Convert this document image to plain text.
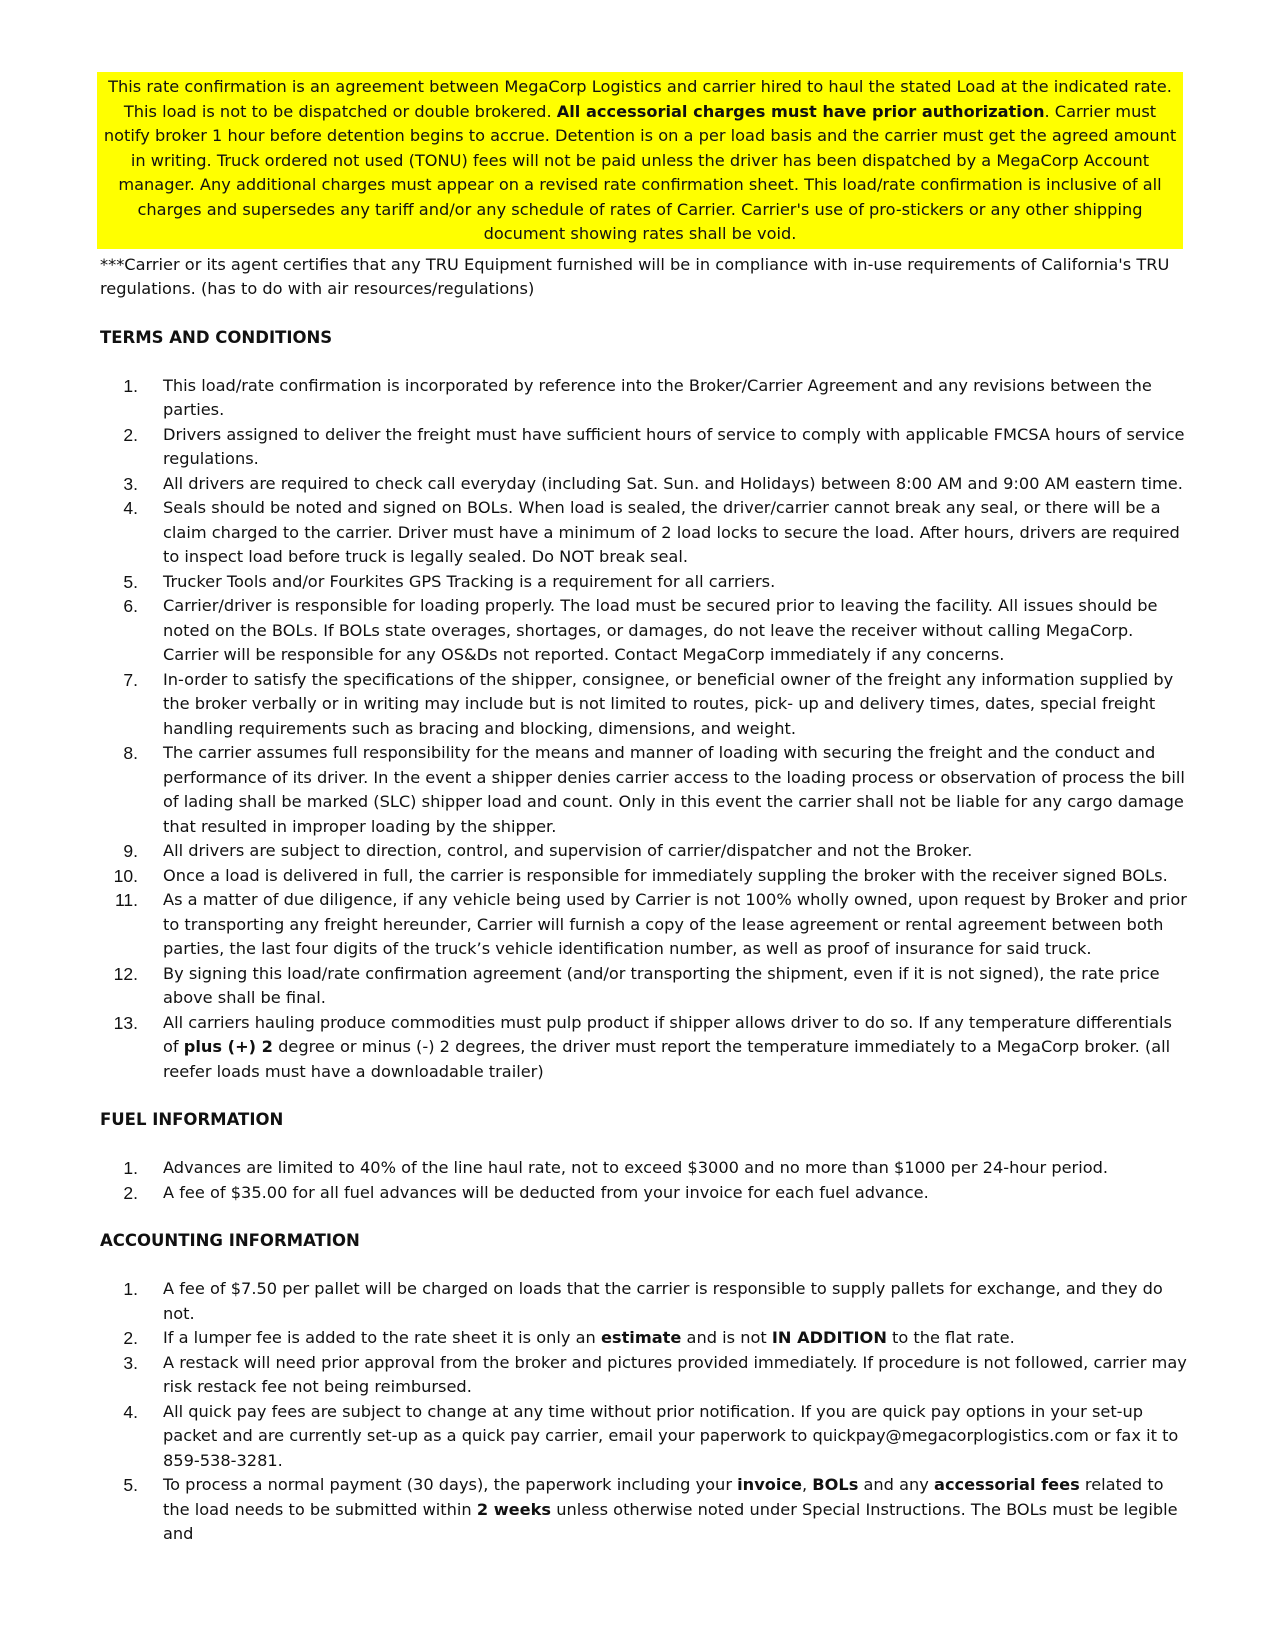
This rate confirmation is an agreement between MegaCorp Logistics and carrier hired to haul the stated Load at the indicated rate. This load is not to be dispatched or double brokered. All accessorial charges must have prior authorization. Carrier must notify broker 1 hour before detention begins to accrue. Detention is on a per load basis and the carrier must get the agreed amount in writing. Truck ordered not used (TONU) fees will not be paid unless the driver has been dispatched by a MegaCorp Account manager. Any additional charges must appear on a revised rate confirmation sheet. This load/rate confirmation is inclusive of all charges and supersedes any tariff and/or any schedule of rates of Carrier. Carrier's use of pro-stickers or any other shipping document showing rates shall be void.
***Carrier or its agent certifies that any TRU Equipment furnished will be in compliance with in-use requirements of California's TRU regulations. (has to do with air resources/regulations)
TERMS AND CONDITIONS
1. This load/rate confirmation is incorporated by reference into the Broker/Carrier Agreement and any revisions between the parties.
2. Drivers assigned to deliver the freight must have sufficient hours of service to comply with applicable FMCSA hours of service regulations.
3. All drivers are required to check call everyday (including Sat. Sun. and Holidays) between 8:00 AM and 9:00 AM eastern time.
4. Seals should be noted and signed on BOLs. When load is sealed, the driver/carrier cannot break any seal, or there will be a claim charged to the carrier. Driver must have a minimum of 2 load locks to secure the load. After hours, drivers are required to inspect load before truck is legally sealed. Do NOT break seal.
5. Trucker Tools and/or Fourkites GPS Tracking is a requirement for all carriers.
6. Carrier/driver is responsible for loading properly. The load must be secured prior to leaving the facility. All issues should be noted on the BOLs. If BOLs state overages, shortages, or damages, do not leave the receiver without calling MegaCorp. Carrier will be responsible for any OS&Ds not reported. Contact MegaCorp immediately if any concerns.
7. In-order to satisfy the specifications of the shipper, consignee, or beneficial owner of the freight any information supplied by the broker verbally or in writing may include but is not limited to routes, pick- up and delivery times, dates, special freight handling requirements such as bracing and blocking, dimensions, and weight.
8. The carrier assumes full responsibility for the means and manner of loading with securing the freight and the conduct and performance of its driver. In the event a shipper denies carrier access to the loading process or observation of process the bill of lading shall be marked (SLC) shipper load and count. Only in this event the carrier shall not be liable for any cargo damage that resulted in improper loading by the shipper.
9. All drivers are subject to direction, control, and supervision of carrier/dispatcher and not the Broker.
10. Once a load is delivered in full, the carrier is responsible for immediately suppling the broker with the receiver signed BOLs.
11. As a matter of due diligence, if any vehicle being used by Carrier is not 100% wholly owned, upon request by Broker and prior to transporting any freight hereunder, Carrier will furnish a copy of the lease agreement or rental agreement between both parties, the last four digits of the truck’s vehicle identification number, as well as proof of insurance for said truck.
12. By signing this load/rate confirmation agreement (and/or transporting the shipment, even if it is not signed), the rate price above shall be final.
13. All carriers hauling produce commodities must pulp product if shipper allows driver to do so. If any temperature differentials of plus (+) 2 degree or minus (-) 2 degrees, the driver must report the temperature immediately to a MegaCorp broker. (all reefer loads must have a downloadable trailer)
FUEL INFORMATION
1. Advances are limited to 40% of the line haul rate, not to exceed $3000 and no more than $1000 per 24-hour period.
2. A fee of $35.00 for all fuel advances will be deducted from your invoice for each fuel advance.
ACCOUNTING INFORMATION
1. A fee of $7.50 per pallet will be charged on loads that the carrier is responsible to supply pallets for exchange, and they do not.
2. If a lumper fee is added to the rate sheet it is only an estimate and is not IN ADDITION to the flat rate.
3. A restack will need prior approval from the broker and pictures provided immediately. If procedure is not followed, carrier may risk restack fee not being reimbursed.
4. All quick pay fees are subject to change at any time without prior notification. If you are quick pay options in your set-up packet and are currently set-up as a quick pay carrier, email your paperwork to quickpay@megacorplogistics.com or fax it to 859-538-3281.
5. To process a normal payment (30 days), the paperwork including your invoice, BOLs and any accessorial fees related to the load needs to be submitted within 2 weeks unless otherwise noted under Special Instructions. The BOLs must be legible and
